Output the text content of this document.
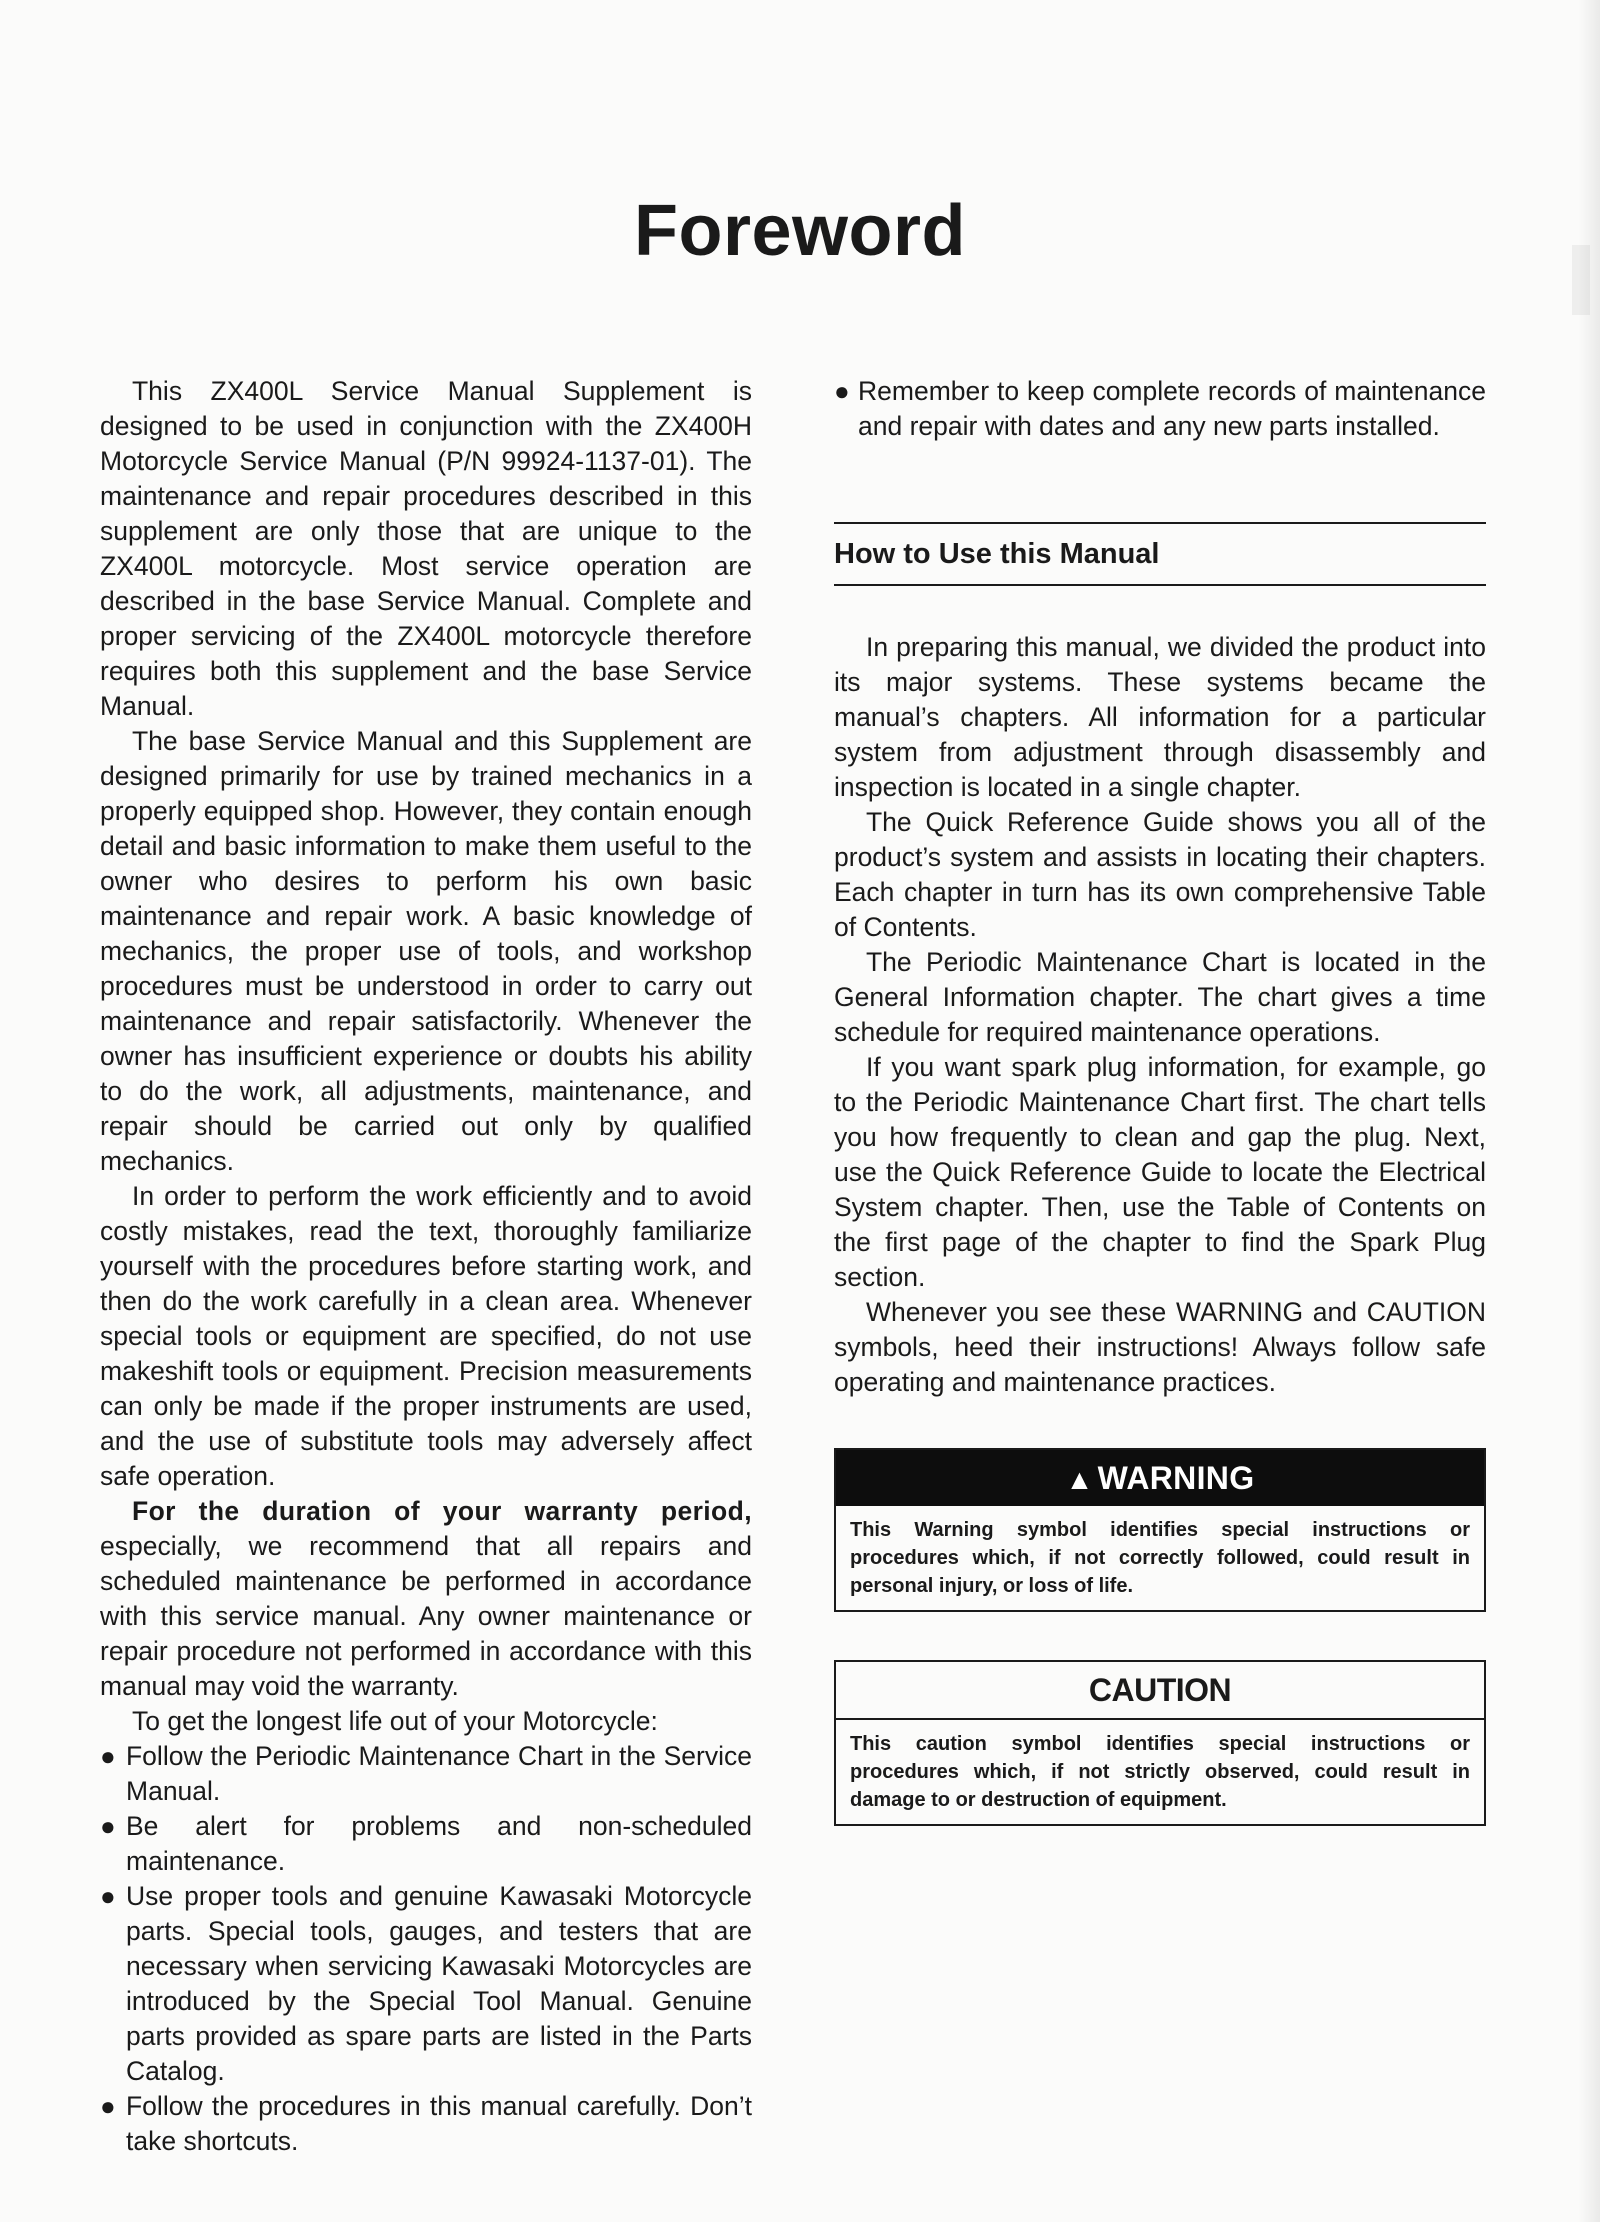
Foreword

This ZX400L Service Manual Supplement is designed to be used in conjunction with the ZX400H Motorcycle Service Manual (P/N 99924-1137-01). The maintenance and repair procedures described in this supplement are only those that are unique to the ZX400L motorcycle. Most service operation are described in the base Service Manual. Complete and proper servicing of the ZX400L motorcycle therefore requires both this supplement and the base Service Manual.

The base Service Manual and this Supplement are designed primarily for use by trained mechanics in a properly equipped shop. However, they contain enough detail and basic information to make them useful to the owner who desires to perform his own basic maintenance and repair work. A basic knowledge of mechanics, the proper use of tools, and workshop procedures must be understood in order to carry out maintenance and repair satisfactorily. Whenever the owner has insufficient experience or doubts his ability to do the work, all adjustments, maintenance, and repair should be carried out only by qualified mechanics.

In order to perform the work efficiently and to avoid costly mistakes, read the text, thoroughly familiarize yourself with the procedures before starting work, and then do the work carefully in a clean area. Whenever special tools or equipment are specified, do not use makeshift tools or equipment. Precision measurements can only be made if the proper instruments are used, and the use of substitute tools may adversely affect safe operation.

For the duration of your warranty period, especially, we recommend that all repairs and scheduled maintenance be performed in accordance with this service manual. Any owner maintenance or repair procedure not performed in accordance with this manual may void the warranty.

To get the longest life out of your Motorcycle:

● Follow the Periodic Maintenance Chart in the Service Manual.
● Be alert for problems and non-scheduled maintenance.
● Use proper tools and genuine Kawasaki Motorcycle parts. Special tools, gauges, and testers that are necessary when servicing Kawasaki Motorcycles are introduced by the Special Tool Manual. Genuine parts provided as spare parts are listed in the Parts Catalog.
● Follow the procedures in this manual carefully. Don’t take shortcuts.
● Remember to keep complete records of maintenance and repair with dates and any new parts installed.
How to Use this Manual

In preparing this manual, we divided the product into its major systems. These systems became the manual’s chapters. All information for a particular system from adjustment through disassembly and inspection is located in a single chapter.

The Quick Reference Guide shows you all of the product’s system and assists in locating their chapters. Each chapter in turn has its own comprehensive Table of Contents.

The Periodic Maintenance Chart is located in the General Information chapter. The chart gives a time schedule for required maintenance operations.

If you want spark plug information, for example, go to the Periodic Maintenance Chart first. The chart tells you how frequently to clean and gap the plug. Next, use the Quick Reference Guide to locate the Electrical System chapter. Then, use the Table of Contents on the first page of the chapter to find the Spark Plug section.

Whenever you see these WARNING and CAUTION symbols, heed their instructions! Always follow safe operating and maintenance practices.

▲ WARNING
This Warning symbol identifies special instructions or procedures which, if not correctly followed, could result in personal injury, or loss of life.
CAUTION
This caution symbol identifies special instructions or procedures which, if not strictly observed, could result in damage to or destruction of equipment.
